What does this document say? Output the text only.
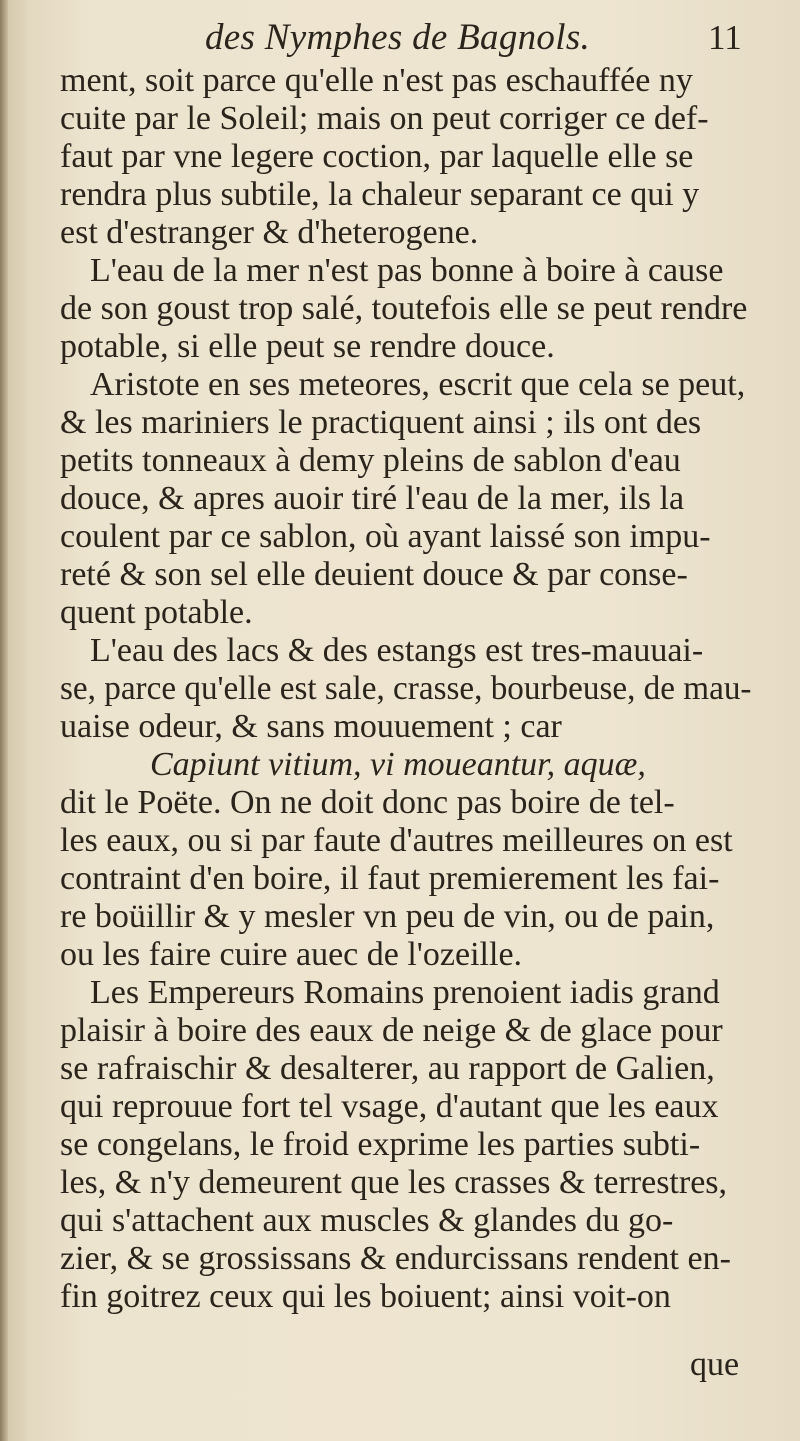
des Nymphes de Bagnols.	11
ment, soit parce qu'elle n'est pas eschauffée ny
cuite par le Soleil; mais on peut corriger ce def-
faut par vne legere coction, par laquelle elle se
rendra plus subtile, la chaleur separant ce qui y
est d'estranger & d'heterogene.
L'eau de la mer n'est pas bonne à boire à cause
de son goust trop salé, toutefois elle se peut rendre
potable, si elle peut se rendre douce.
Aristote en ses meteores, escrit que cela se peut,
& les mariniers le practiquent ainsi ; ils ont des
petits tonneaux à demy pleins de sablon d'eau
douce, & apres auoir tiré l'eau de la mer, ils la
coulent par ce sablon, où ayant laissé son impu-
reté & son sel elle deuient douce & par conse-
quent potable.
L'eau des lacs & des estangs est tres-mauuai-
se, parce qu'elle est sale, crasse, bourbeuse, de mau-
uaise odeur, & sans mouuement ; car
Capiunt vitium, vi moueantur, aquæ,
dit le Poëte. On ne doit donc pas boire de tel-
les eaux, ou si par faute d'autres meilleures on est
contraint d'en boire, il faut premierement les fai-
re boüillir & y mesler vn peu de vin, ou de pain,
ou les faire cuire auec de l'ozeille.
Les Empereurs Romains prenoient iadis grand
plaisir à boire des eaux de neige & de glace pour
se rafraischir & desalterer, au rapport de Galien,
qui reprouue fort tel vsage, d'autant que les eaux
se congelans, le froid exprime les parties subti-
les, & n'y demeurent que les crasses & terrestres,
qui s'attachent aux muscles & glandes du go-
zier, & se grossissans & endurcissans rendent en-
fin goitrez ceux qui les boiuent; ainsi voit-on
que
